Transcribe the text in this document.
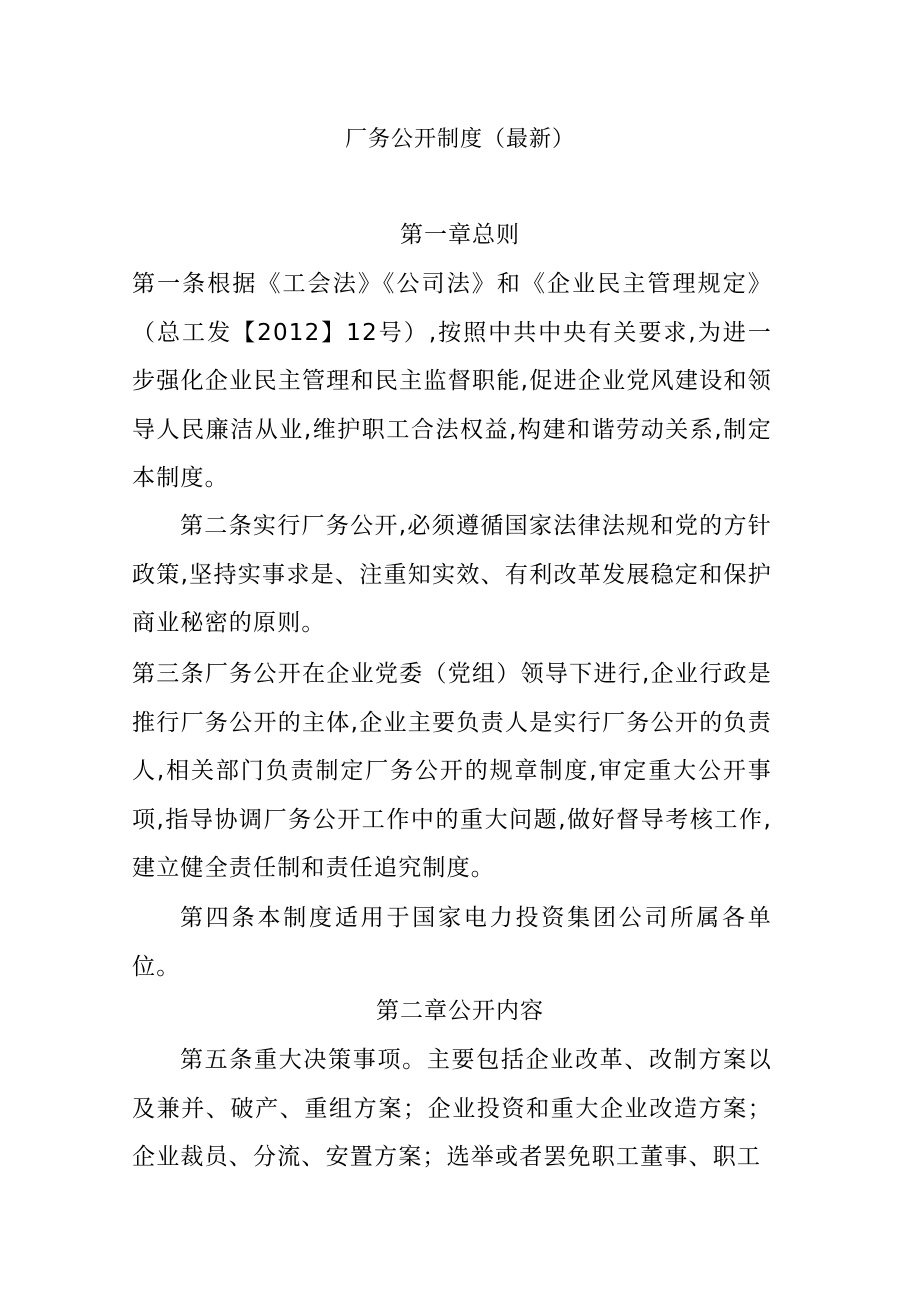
厂务公开制度（最新）
第一章总则
第一条根据《工会法》《公司法》和《企业民主管理规定》（总工发【2012】12号）,按照中共中央有关要求,为进一步强化企业民主管理和民主监督职能,促进企业党风建设和领导人民廉洁从业,维护职工合法权益,构建和谐劳动关系,制定本制度。
第二条实行厂务公开,必须遵循国家法律法规和党的方针政策,坚持实事求是、注重知实效、有利改革发展稳定和保护商业秘密的原则。
第三条厂务公开在企业党委（党组）领导下进行,企业行政是推行厂务公开的主体,企业主要负责人是实行厂务公开的负责人,相关部门负责制定厂务公开的规章制度,审定重大公开事项,指导协调厂务公开工作中的重大问题,做好督导考核工作,建立健全责任制和责任追究制度。
第四条本制度适用于国家电力投资集团公司所属各单位。
第二章公开内容
第五条重大决策事项。主要包括企业改革、改制方案以及兼并、破产、重组方案；企业投资和重大企业改造方案；企业裁员、分流、安置方案；选举或者罢免职工董事、职工
